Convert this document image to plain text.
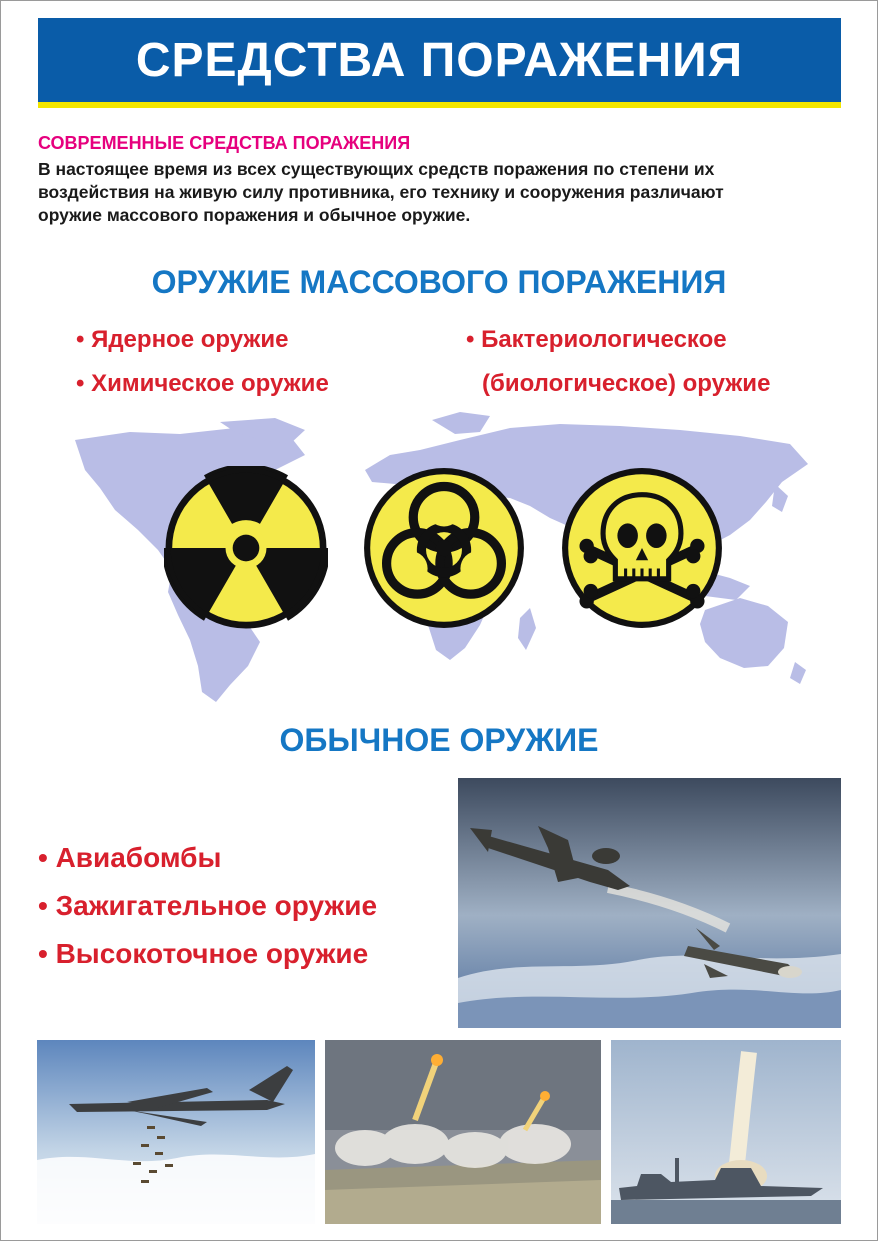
СРЕДСТВА ПОРАЖЕНИЯ

СОВРЕМЕННЫЕ СРЕДСТВА ПОРАЖЕНИЯ

В настоящее время из всех существующих средств поражения по степени их
воздействия на живую силу противника, его технику и сооружения различают
оружие массового поражения и обычное оружие.

ОРУЖИЕ МАССОВОГО ПОРАЖЕНИЯ
• Ядерное оружие
• Химическое оружие
• Бактериологическое
(биологическое) оружие
ОБЫЧНОЕ ОРУЖИЕ
• Авиабомбы
• Зажигательное оружие
• Высокоточное оружие
